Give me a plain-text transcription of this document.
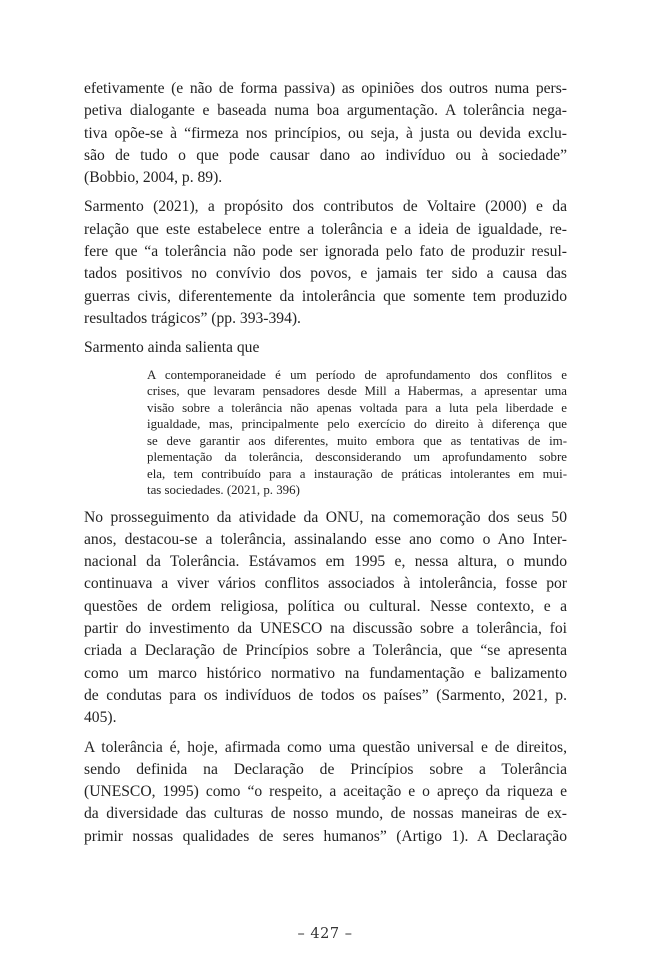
efetivamente (e não de forma passiva) as opiniões dos outros numa pers-
petiva dialogante e baseada numa boa argumentação. A tolerância nega-
tiva opõe-se à “firmeza nos princípios, ou seja, à justa ou devida exclu-
são de tudo o que pode causar dano ao indivíduo ou à sociedade”
(Bobbio, 2004, p. 89).
Sarmento (2021), a propósito dos contributos de Voltaire (2000) e da
relação que este estabelece entre a tolerância e a ideia de igualdade, re-
fere que “a tolerância não pode ser ignorada pelo fato de produzir resul-
tados positivos no convívio dos povos, e jamais ter sido a causa das
guerras civis, diferentemente da intolerância que somente tem produzido
resultados trágicos” (pp. 393-394).
Sarmento ainda salienta que
A contemporaneidade é um período de aprofundamento dos conflitos e
crises, que levaram pensadores desde Mill a Habermas, a apresentar uma
visão sobre a tolerância não apenas voltada para a luta pela liberdade e
igualdade, mas, principalmente pelo exercício do direito à diferença que
se deve garantir aos diferentes, muito embora que as tentativas de im-
plementação da tolerância, desconsiderando um aprofundamento sobre
ela, tem contribuído para a instauração de práticas intolerantes em mui-
tas sociedades. (2021, p. 396)
No prosseguimento da atividade da ONU, na comemoração dos seus 50
anos, destacou-se a tolerância, assinalando esse ano como o Ano Inter-
nacional da Tolerância. Estávamos em 1995 e, nessa altura, o mundo
continuava a viver vários conflitos associados à intolerância, fosse por
questões de ordem religiosa, política ou cultural. Nesse contexto, e a
partir do investimento da UNESCO na discussão sobre a tolerância, foi
criada a Declaração de Princípios sobre a Tolerância, que “se apresenta
como um marco histórico normativo na fundamentação e balizamento
de condutas para os indivíduos de todos os países” (Sarmento, 2021, p.
405).
A tolerância é, hoje, afirmada como uma questão universal e de direitos,
sendo definida na Declaração de Princípios sobre a Tolerância
(UNESCO, 1995) como “o respeito, a aceitação e o apreço da riqueza e
da diversidade das culturas de nosso mundo, de nossas maneiras de ex-
primir nossas qualidades de seres humanos” (Artigo 1). A Declaração
– 427 –
